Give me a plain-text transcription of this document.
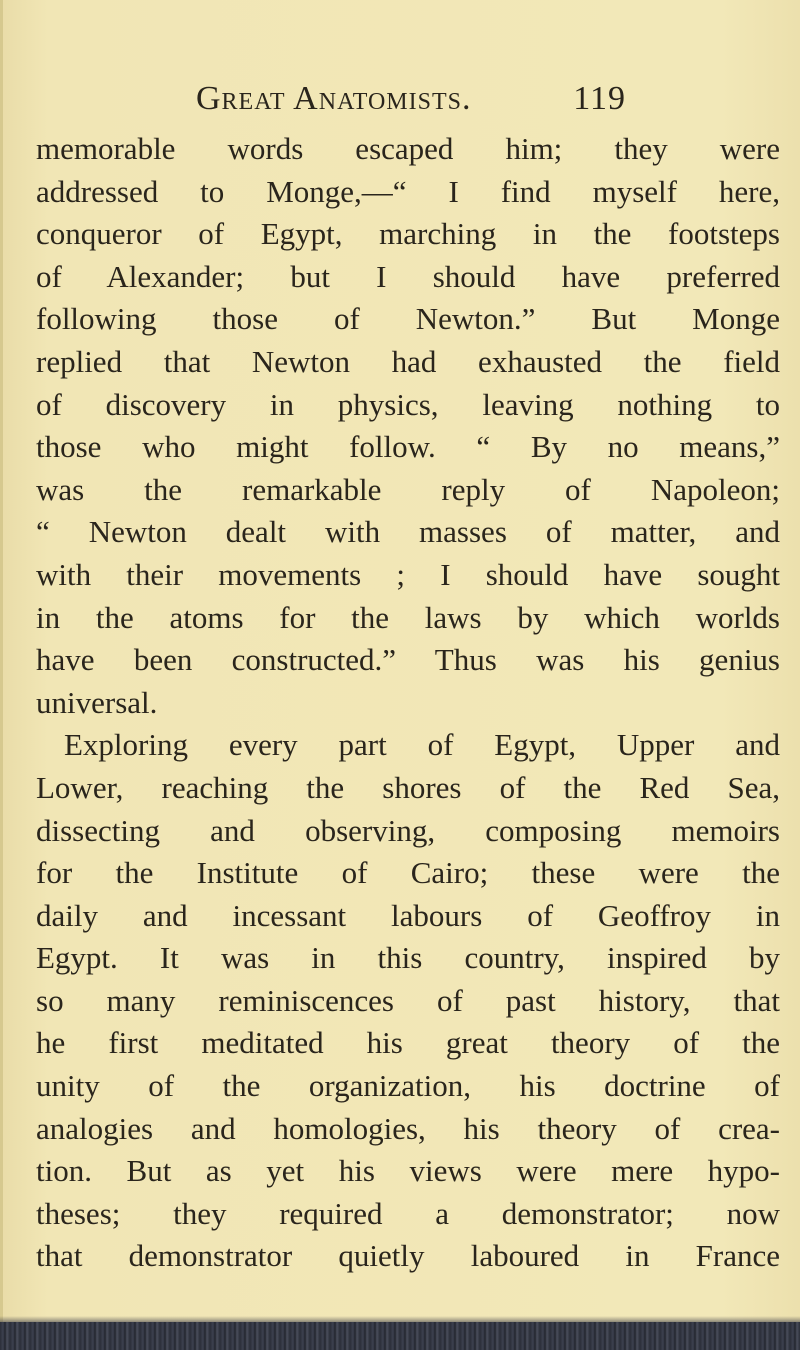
Great Anatomists.	119
memorable words escaped him; they were
addressed to Monge,—“ I find myself here,
conqueror of Egypt, marching in the footsteps
of Alexander; but I should have preferred
following those of Newton.” But Monge
replied that Newton had exhausted the field
of discovery in physics, leaving nothing to
those who might follow. “ By no means,”
was the remarkable reply of Napoleon;
“ Newton dealt with masses of matter, and
with their movements ; I should have sought
in the atoms for the laws by which worlds
have been constructed.” Thus was his genius
universal.
Exploring every part of Egypt, Upper and
Lower, reaching the shores of the Red Sea,
dissecting and observing, composing memoirs
for the Institute of Cairo; these were the
daily and incessant labours of Geoffroy in
Egypt. It was in this country, inspired by
so many reminiscences of past history, that
he first meditated his great theory of the
unity of the organization, his doctrine of
analogies and homologies, his theory of crea-
tion. But as yet his views were mere hypo-
theses; they required a demonstrator; now
that demonstrator quietly laboured in France
